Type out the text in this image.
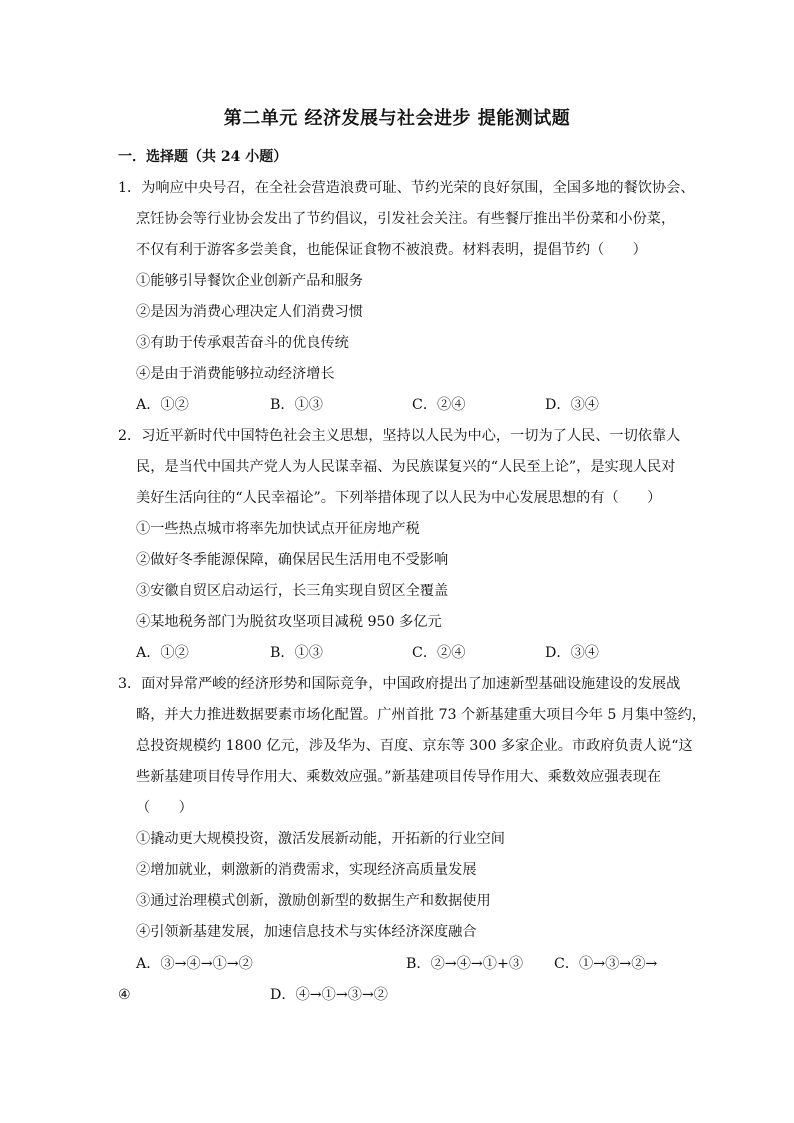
第二单元 经济发展与社会进步 提能测试题
一．选择题（共 24 小题）
1．为响应中央号召，在全社会营造浪费可耻、节约光荣的良好氛围，全国多地的餐饮协会、
烹饪协会等行业协会发出了节约倡议，引发社会关注。有些餐厅推出半份菜和小份菜，
不仅有利于游客多尝美食，也能保证食物不被浪费。材料表明，提倡节约（　　）
①能够引导餐饮企业创新产品和服务
②是因为消费心理决定人们消费习惯
③有助于传承艰苦奋斗的优良传统
④是由于消费能够拉动经济增长
A．①②	B．①③	C．②④	D．③④
2．习近平新时代中国特色社会主义思想，坚持以人民为中心，一切为了人民、一切依靠人
民，是当代中国共产党人为人民谋幸福、为民族谋复兴的“人民至上论”，是实现人民对
美好生活向往的“人民幸福论”。下列举措体现了以人民为中心发展思想的有（　　）
①一些热点城市将率先加快试点开征房地产税
②做好冬季能源保障，确保居民生活用电不受影响
③安徽自贸区启动运行，长三角实现自贸区全覆盖
④某地税务部门为脱贫攻坚项目减税 950 多亿元
A．①②	B．①③	C．②④	D．③④
3．面对异常严峻的经济形势和国际竞争，中国政府提出了加速新型基础设施建设的发展战
略，并大力推进数据要素市场化配置。广州首批 73 个新基建重大项目今年 5 月集中签约，
总投资规模约 1800 亿元，涉及华为、百度、京东等 300 多家企业。市政府负责人说“这
些新基建项目传导作用大、乘数效应强。”新基建项目传导作用大、乘数效应强表现在
（　　）
①撬动更大规模投资，激活发展新动能，开拓新的行业空间
②增加就业，刺激新的消费需求，实现经济高质量发展
③通过治理模式创新，激励创新型的数据生产和数据使用
④引领新基建发展，加速信息技术与实体经济深度融合
A．③→④→①→②	B．②→④→①+③ C．①→③→②→
④	D．④→①→③→②
